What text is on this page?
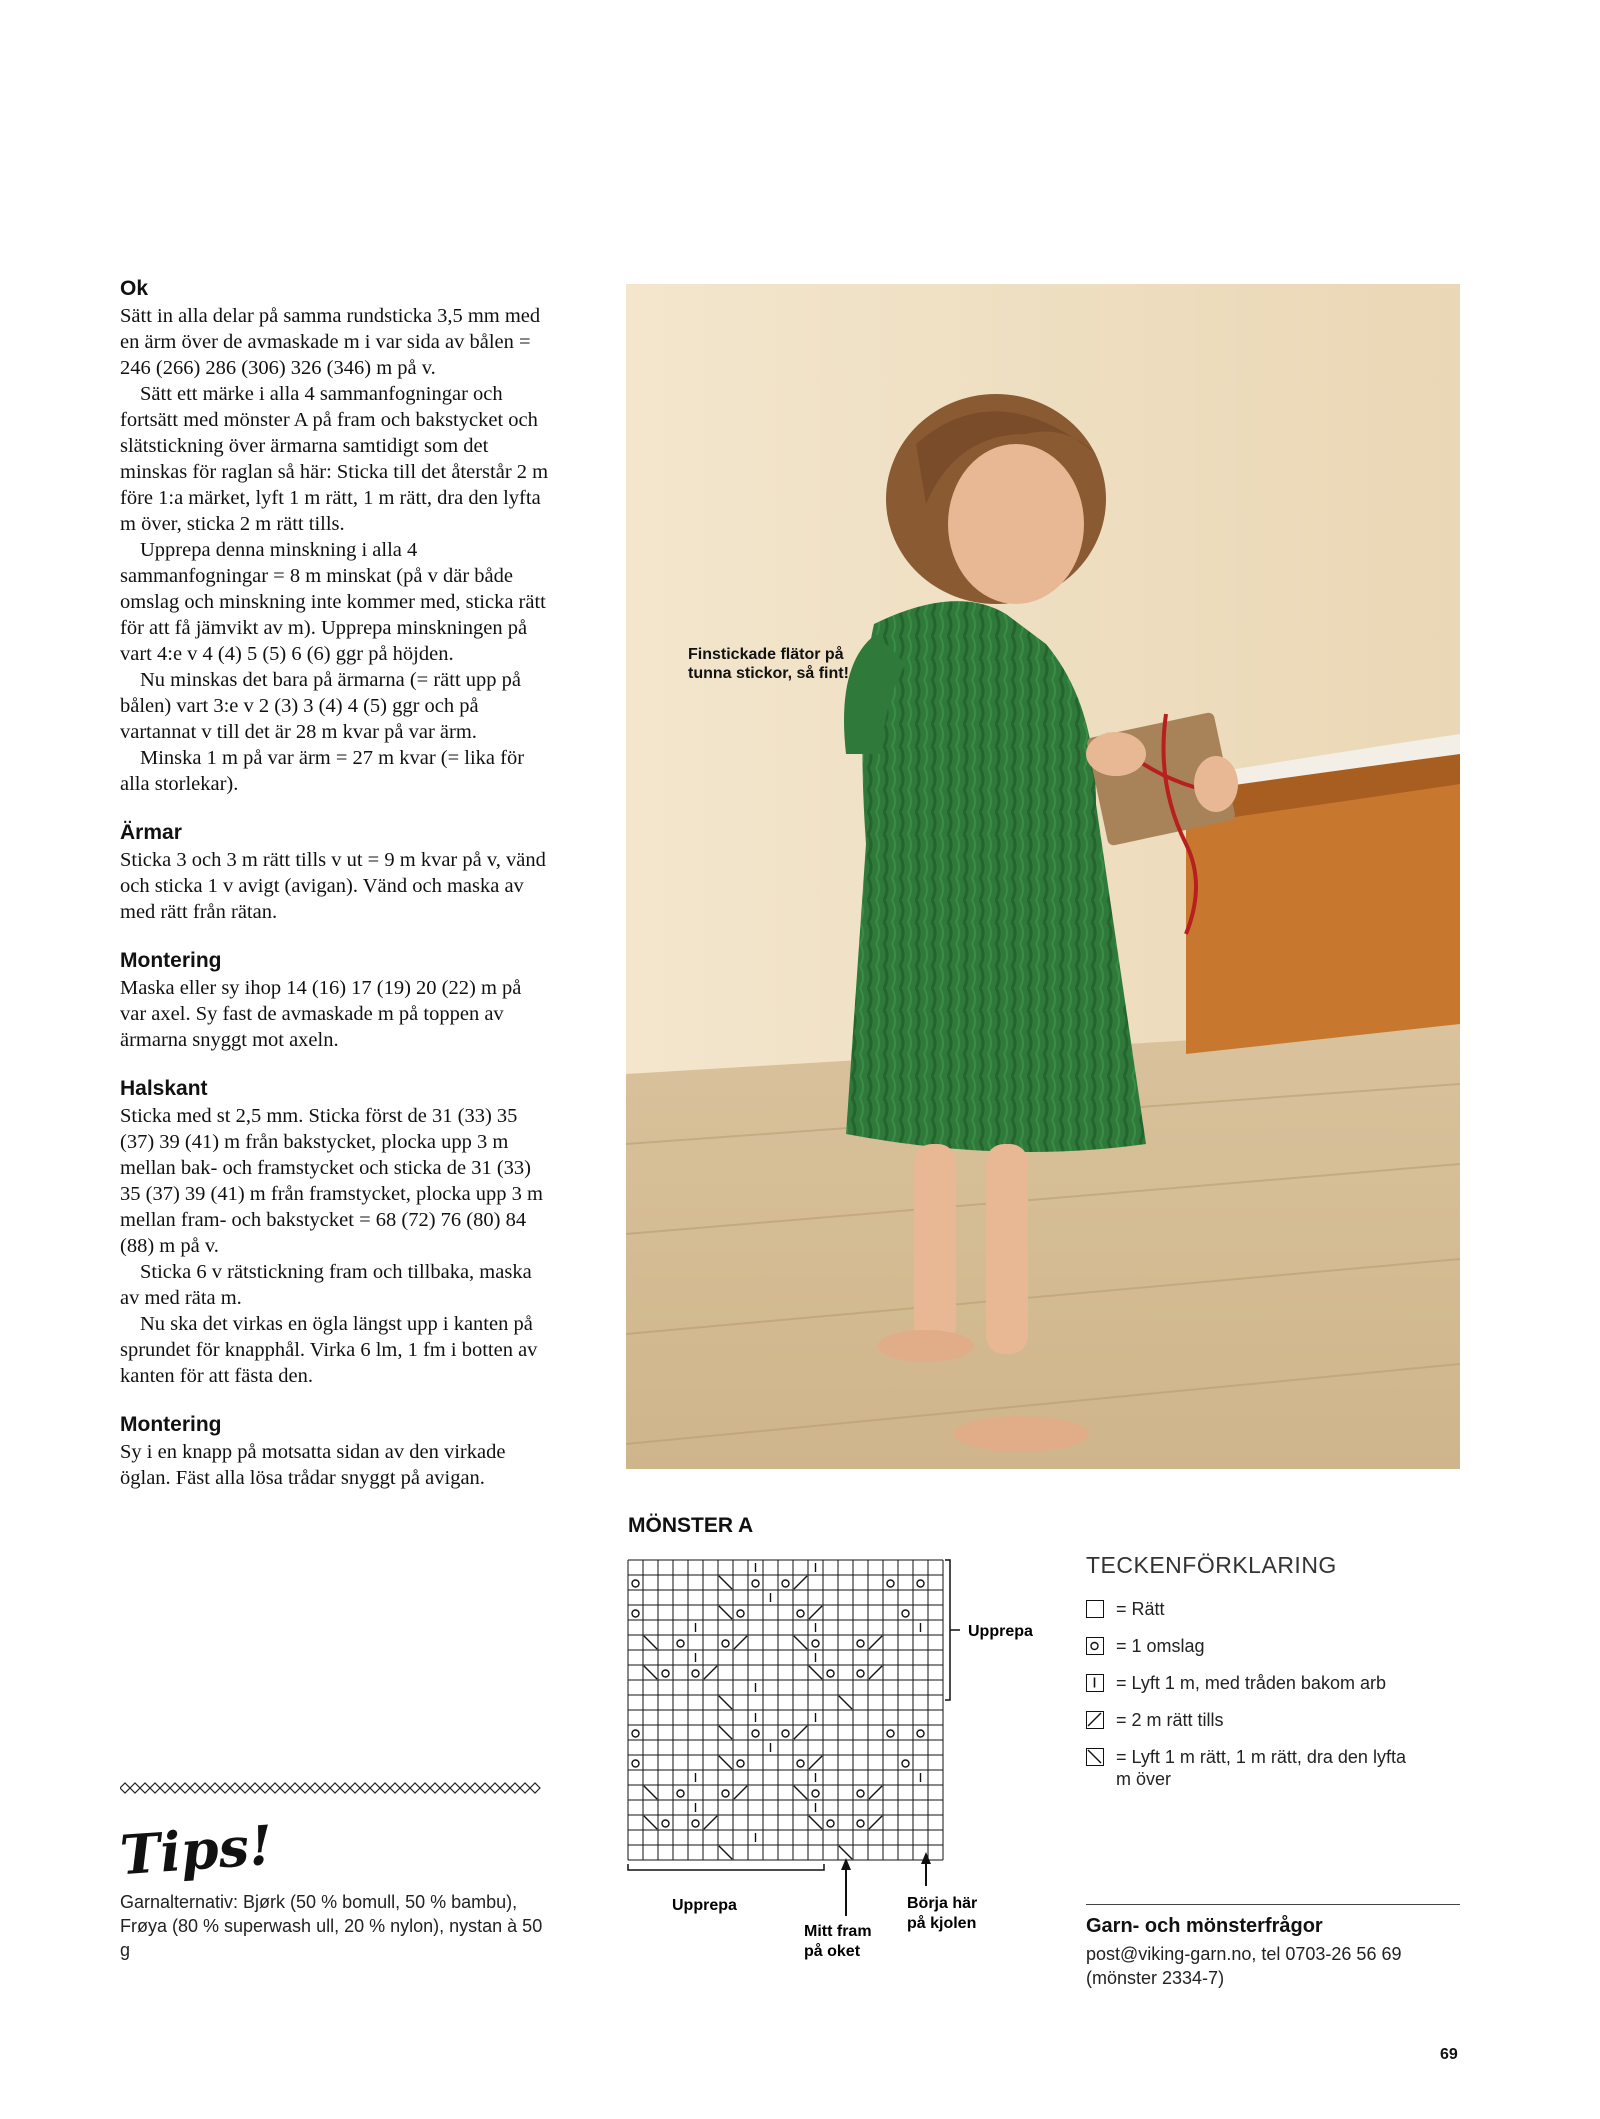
Ok

Sätt in alla delar på samma rundsticka 3,5 mm med en ärm över de avmaskade m i var sida av bålen = 246 (266) 286 (306) 326 (346) m på v.

Sätt ett märke i alla 4 sammanfogningar och fortsätt med mönster A på fram och bakstycket och slätstickning över ärmarna samtidigt som det minskas för raglan så här: Sticka till det återstår 2 m före 1:a märket, lyft 1 m rätt, 1 m rätt, dra den lyfta m över, sticka 2 m rätt tills.

Upprepa denna minskning i alla 4 sammanfogningar = 8 m minskat (på v där både omslag och minskning inte kommer med, sticka rätt för att få jämvikt av m). Upprepa minskningen på vart 4:e v 4 (4) 5 (5) 6 (6) ggr på höjden.

Nu minskas det bara på ärmarna (= rätt upp på bålen) vart 3:e v 2 (3) 3 (4) 4 (5) ggr och på vartannat v till det är 28 m kvar på var ärm.

Minska 1 m på var ärm = 27 m kvar (= lika för alla storlekar).

Ärmar

Sticka 3 och 3 m rätt tills v ut = 9 m kvar på v, vänd och sticka 1 v avigt (avigan). Vänd och maska av med rätt från rätan.

Montering

Maska eller sy ihop 14 (16) 17 (19) 20 (22) m på var axel. Sy fast de avmaskade m på toppen av ärmarna snyggt mot axeln.

Halskant

Sticka med st 2,5 mm. Sticka först de 31 (33) 35 (37) 39 (41) m från bakstycket, plocka upp 3 m mellan bak- och framstycket och sticka de 31 (33) 35 (37) 39 (41) m från framstycket, plocka upp 3 m mellan fram- och bakstycket = 68 (72) 76 (80) 84 (88) m på v.

Sticka 6 v rätstickning fram och tillbaka, maska av med räta m.

Nu ska det virkas en ögla längst upp i kanten på sprundet för knapphål. Virka 6 lm, 1 fm i botten av kanten för att fästa den.

Montering

Sy i en knapp på motsatta sidan av den virkade öglan. Fäst alla lösa trådar snyggt på avigan.

Finstickade flätor på tunna stickor, så fint!
Tips!
Garnalternativ: Bjørk (50 % bomull, 50 % bambu), Frøya (80 % superwash ull, 20 % nylon), nystan à 50 g
MÖNSTER A
Upprepa
Upprepa
Mitt fram
på oket
Börja här
på kjolen
TECKENFÖRKLARING
= Rätt
= 1 omslag
= Lyft 1 m, med tråden bakom arb
= 2 m rätt tills
= Lyft 1 m rätt, 1 m rätt, dra den lyfta m över
Garn- och mönsterfrågor
post@viking-garn.no, tel 0703-26 56 69
(mönster 2334-7)
69
